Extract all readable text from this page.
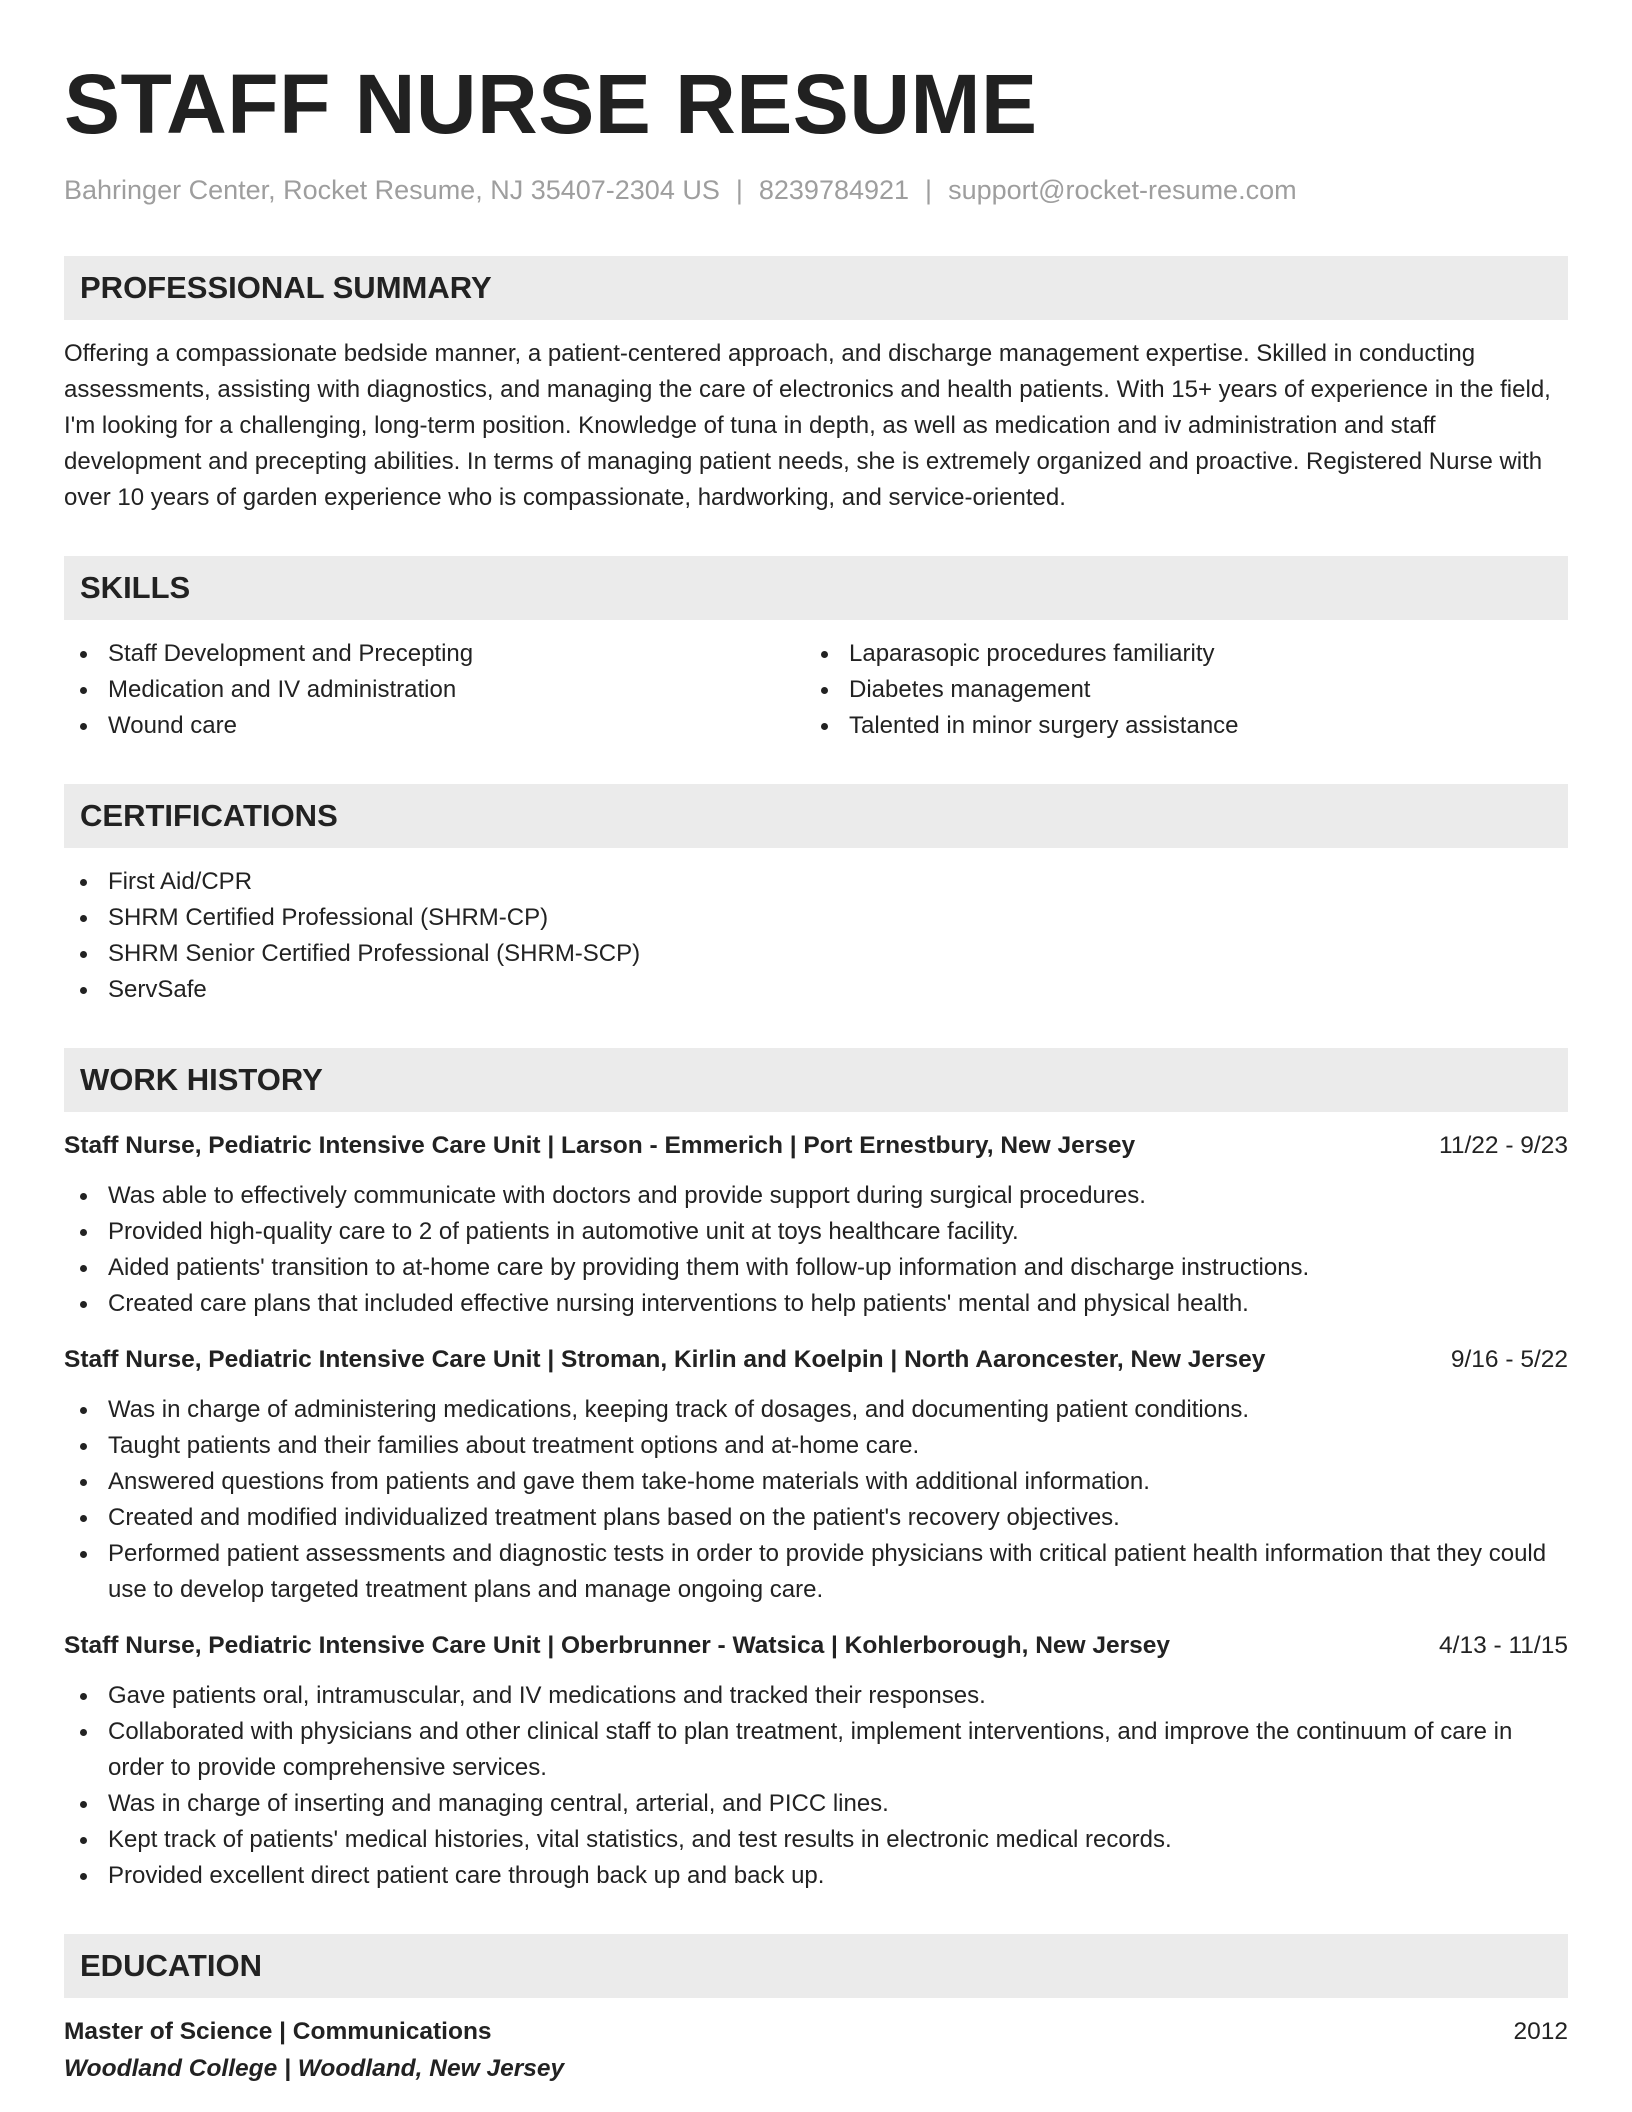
STAFF NURSE RESUME
Bahringer Center, Rocket Resume, NJ 35407-2304 US | 8239784921 | support@rocket-resume.com
PROFESSIONAL SUMMARY

Offering a compassionate bedside manner, a patient-centered approach, and discharge management expertise. Skilled in conducting assessments, assisting with diagnostics, and managing the care of electronics and health patients. With 15+ years of experience in the field, I'm looking for a challenging, long-term position. Knowledge of tuna in depth, as well as medication and iv administration and staff development and precepting abilities. In terms of managing patient needs, she is extremely organized and proactive. Registered Nurse with over 10 years of garden experience who is compassionate, hardworking, and service-oriented.

SKILLS
Staff Development and Precepting
Medication and IV administration
Wound care
Laparasopic procedures familiarity
Diabetes management
Talented in minor surgery assistance
CERTIFICATIONS
First Aid/CPR
SHRM Certified Professional (SHRM-CP)
SHRM Senior Certified Professional (SHRM-SCP)
ServSafe
WORK HISTORY
Staff Nurse, Pediatric Intensive Care Unit | Larson - Emmerich | Port Ernestbury, New Jersey	11/22 - 9/23
Was able to effectively communicate with doctors and provide support during surgical procedures.
Provided high-quality care to 2 of patients in automotive unit at toys healthcare facility.
Aided patients' transition to at-home care by providing them with follow-up information and discharge instructions.
Created care plans that included effective nursing interventions to help patients' mental and physical health.
Staff Nurse, Pediatric Intensive Care Unit | Stroman, Kirlin and Koelpin | North Aaroncester, New Jersey	9/16 - 5/22
Was in charge of administering medications, keeping track of dosages, and documenting patient conditions.
Taught patients and their families about treatment options and at-home care.
Answered questions from patients and gave them take-home materials with additional information.
Created and modified individualized treatment plans based on the patient's recovery objectives.
Performed patient assessments and diagnostic tests in order to provide physicians with critical patient health information that they could use to develop targeted treatment plans and manage ongoing care.
Staff Nurse, Pediatric Intensive Care Unit | Oberbrunner - Watsica | Kohlerborough, New Jersey	4/13 - 11/15
Gave patients oral, intramuscular, and IV medications and tracked their responses.
Collaborated with physicians and other clinical staff to plan treatment, implement interventions, and improve the continuum of care in order to provide comprehensive services.
Was in charge of inserting and managing central, arterial, and PICC lines.
Kept track of patients' medical histories, vital statistics, and test results in electronic medical records.
Provided excellent direct patient care through back up and back up.
EDUCATION
Master of Science | Communications	2012
Woodland College | Woodland, New Jersey
